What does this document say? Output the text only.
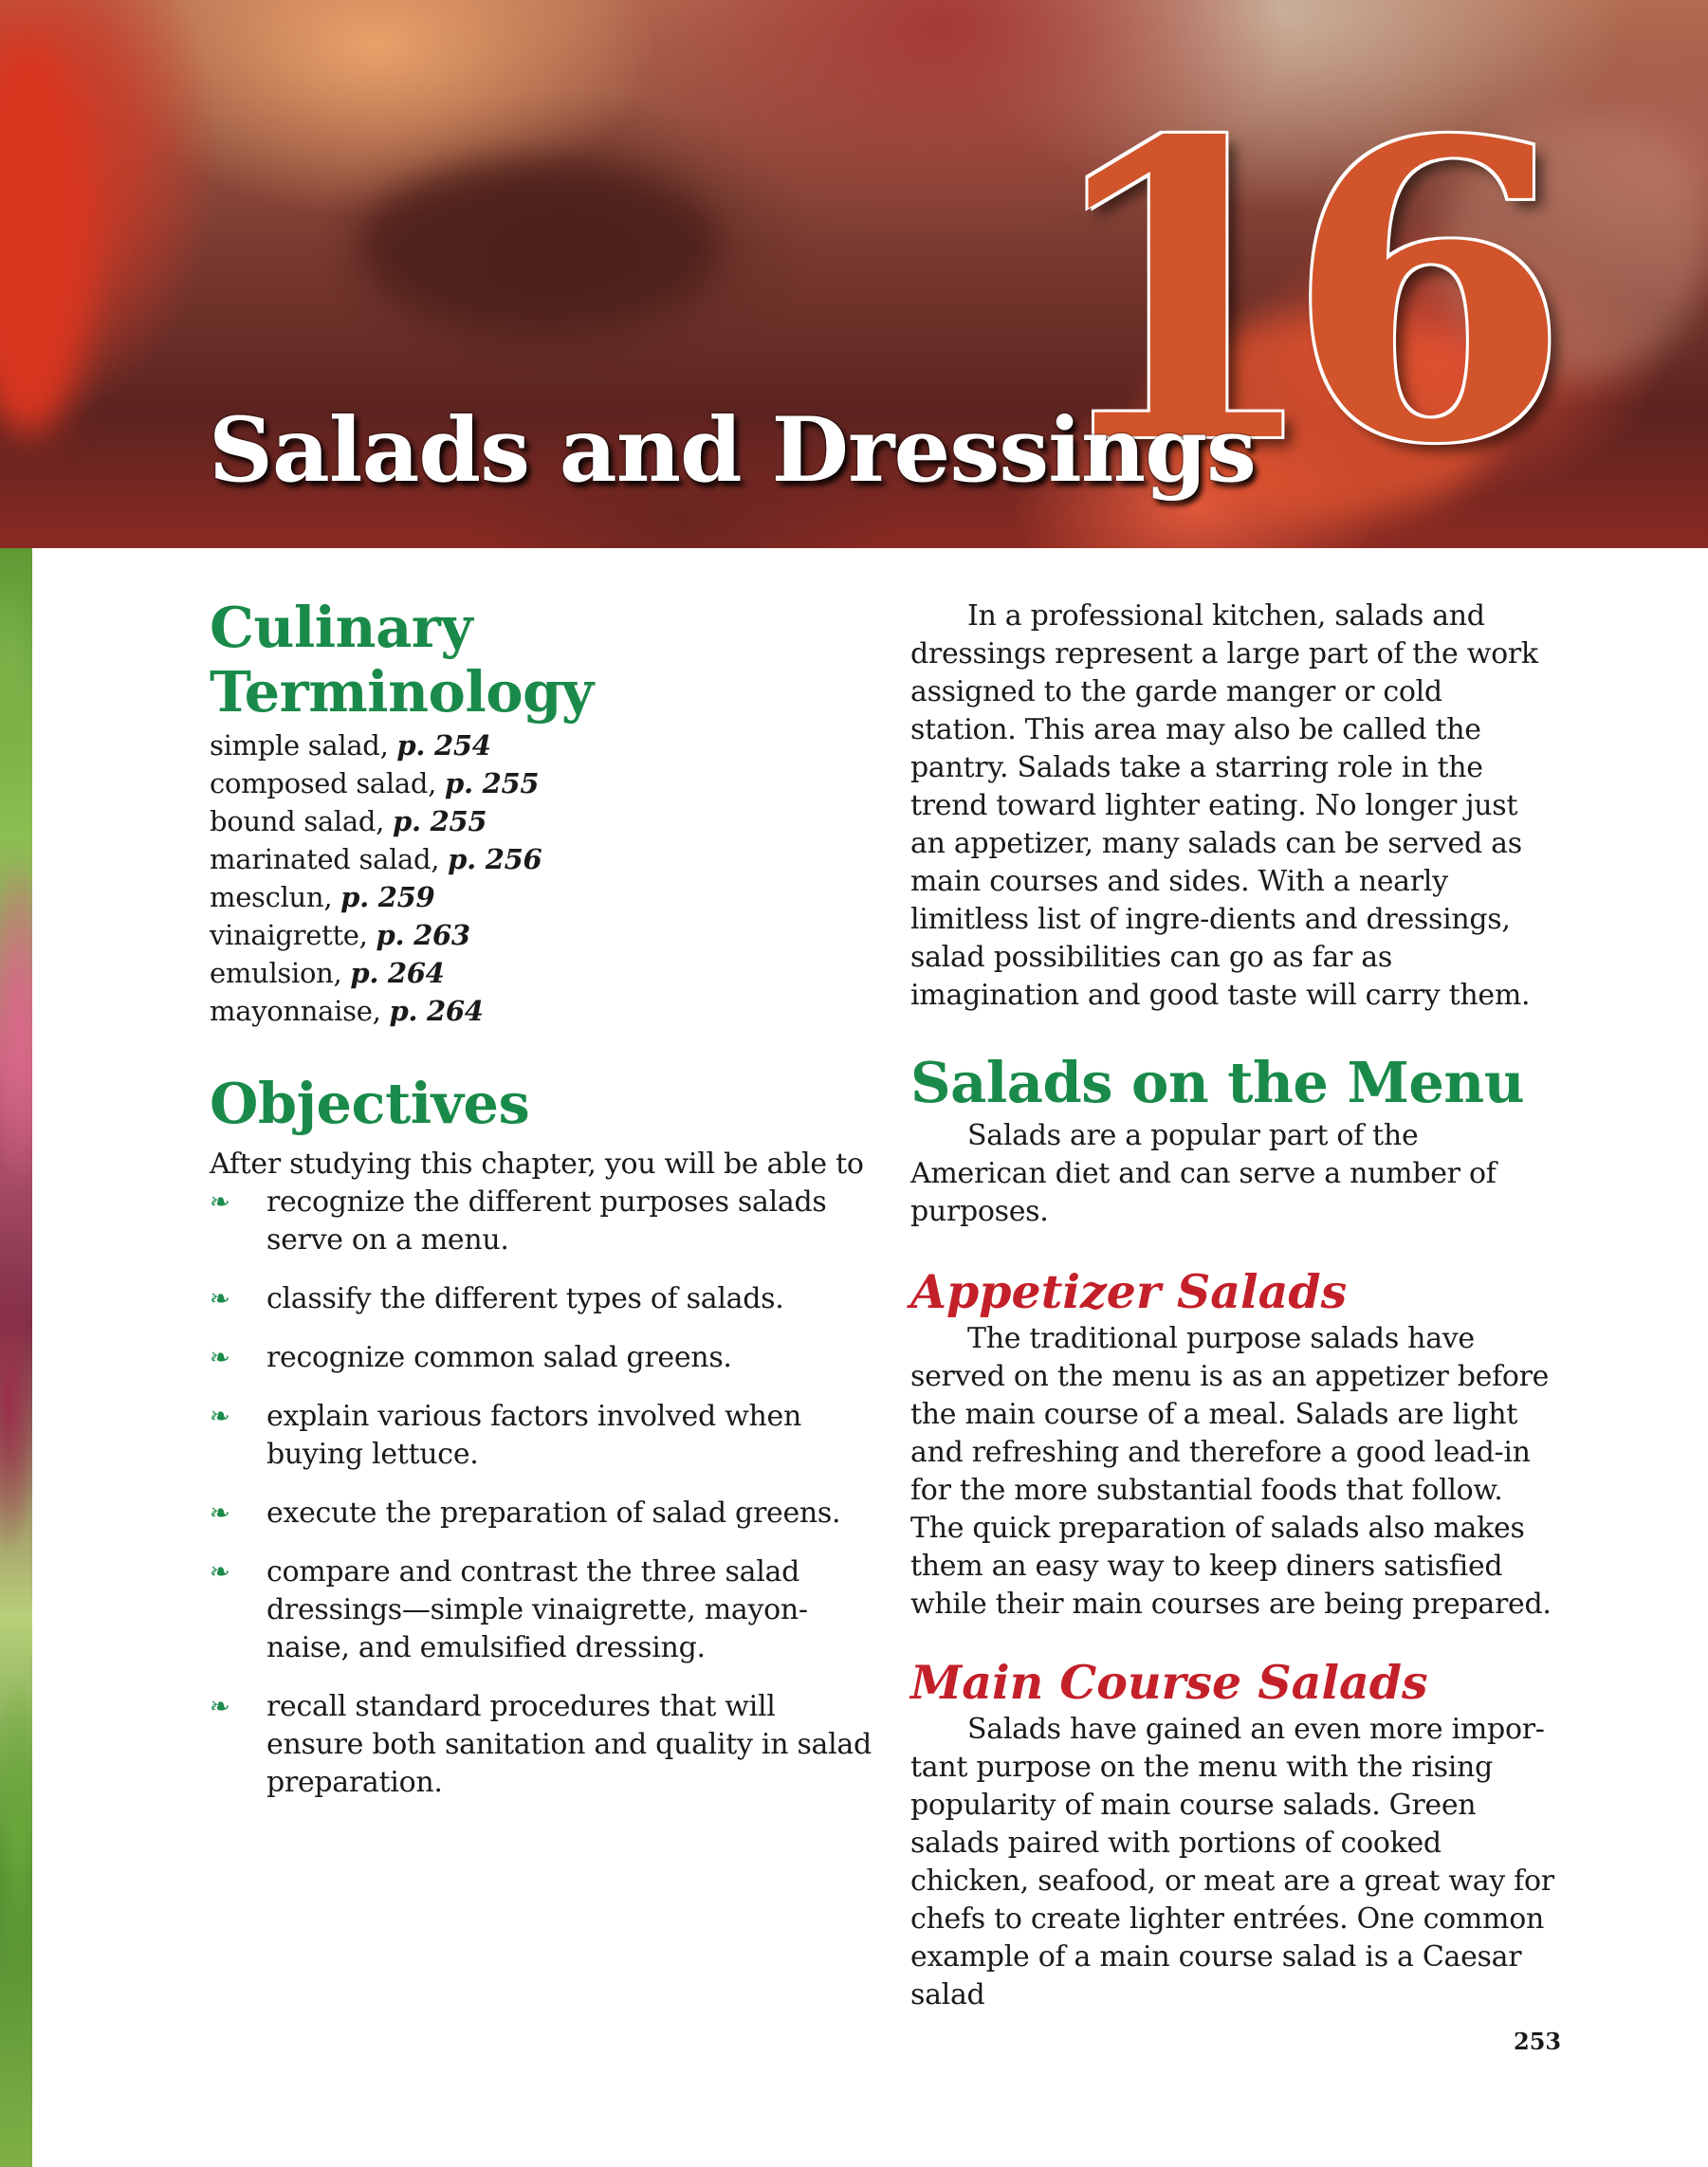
16
Salads and Dressings
Culinary Terminology
simple salad, p. 254
composed salad, p. 255
bound salad, p. 255
marinated salad, p. 256
mesclun, p. 259
vinaigrette, p. 263
emulsion, p. 264
mayonnaise, p. 264
Objectives

After studying this chapter, you will be able to

❧ recognize the different purposes salads serve on a menu.
❧ classify the different types of salads.
❧ recognize common salad greens.
❧ explain various factors involved when buying lettuce.
❧ execute the preparation of salad greens.
❧ compare and contrast the three salad dressings—simple vinaigrette, mayon-naise, and emulsified dressing.
❧ recall standard procedures that will ensure both sanitation and quality in salad preparation.

In a professional kitchen, salads and dressings represent a large part of the work assigned to the garde manger or cold station. This area may also be called the pantry. Salads take a starring role in the trend toward lighter eating. No longer just an appetizer, many salads can be served as main courses and sides. With a nearly limitless list of ingre-dients and dressings, salad possibilities can go as far as imagination and good taste will carry them.

Salads on the Menu

Salads are a popular part of the American diet and can serve a number of purposes.

Appetizer Salads

The traditional purpose salads have served on the menu is as an appetizer before the main course of a meal. Salads are light and refreshing and therefore a good lead-in for the more substantial foods that follow. The quick preparation of salads also makes them an easy way to keep diners satisfied while their main courses are being prepared.

Main Course Salads

Salads have gained an even more impor-tant purpose on the menu with the rising popularity of main course salads. Green salads paired with portions of cooked chicken, seafood, or meat are a great way for chefs to create lighter entrées. One common example of a main course salad is a Caesar salad

253
